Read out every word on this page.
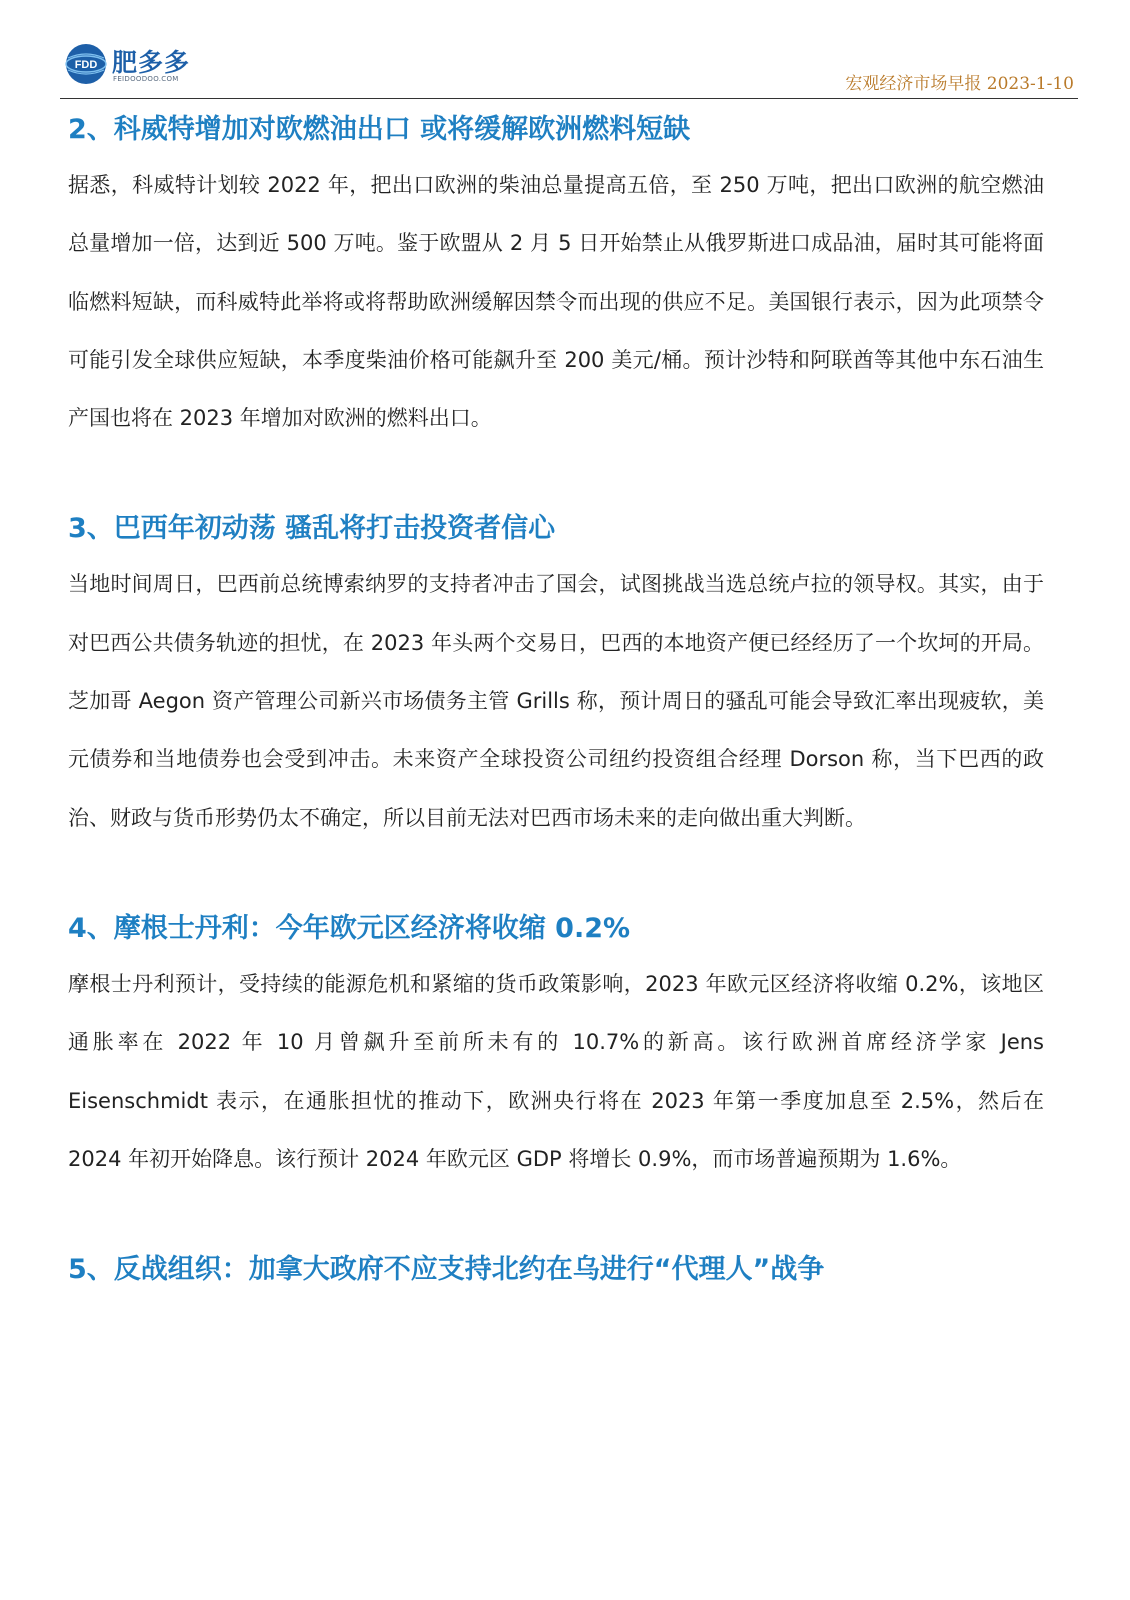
FDD 肥多多
FEIDOODOO.COM	宏观经济市场早报 2023-1-10
2、科威特增加对欧燃油出口 或将缓解欧洲燃料短缺

据悉，科威特计划较 2022 年，把出口欧洲的柴油总量提高五倍，至 250 万吨，把出口欧洲的航空燃油总量增加一倍，达到近 500 万吨。鉴于欧盟从 2 月 5 日开始禁止从俄罗斯进口成品油，届时其可能将面临燃料短缺，而科威特此举将或将帮助欧洲缓解因禁令而出现的供应不足。美国银行表示，因为此项禁令可能引发全球供应短缺，本季度柴油价格可能飙升至 200 美元/桶。预计沙特和阿联酋等其他中东石油生产国也将在 2023 年增加对欧洲的燃料出口。

3、巴西年初动荡 骚乱将打击投资者信心

当地时间周日，巴西前总统博索纳罗的支持者冲击了国会，试图挑战当选总统卢拉的领导权。其实，由于对巴西公共债务轨迹的担忧，在 2023 年头两个交易日，巴西的本地资产便已经经历了一个坎坷的开局。芝加哥 Aegon 资产管理公司新兴市场债务主管 Grills 称，预计周日的骚乱可能会导致汇率出现疲软，美元债券和当地债券也会受到冲击。未来资产全球投资公司纽约投资组合经理 Dorson 称，当下巴西的政治、财政与货币形势仍太不确定，所以目前无法对巴西市场未来的走向做出重大判断。

4、摩根士丹利：今年欧元区经济将收缩 0.2%

摩根士丹利预计，受持续的能源危机和紧缩的货币政策影响，2023 年欧元区经济将收缩 0.2%，该地区通胀率在 2022 年 10 月曾飙升至前所未有的 10.7%的新高。该行欧洲首席经济学家 Jens Eisenschmidt 表示，在通胀担忧的推动下，欧洲央行将在 2023 年第一季度加息至 2.5%，然后在 2024 年初开始降息。该行预计 2024 年欧元区 GDP 将增长 0.9%，而市场普遍预期为 1.6%。

5、反战组织：加拿大政府不应支持北约在乌进行“代理人”战争
